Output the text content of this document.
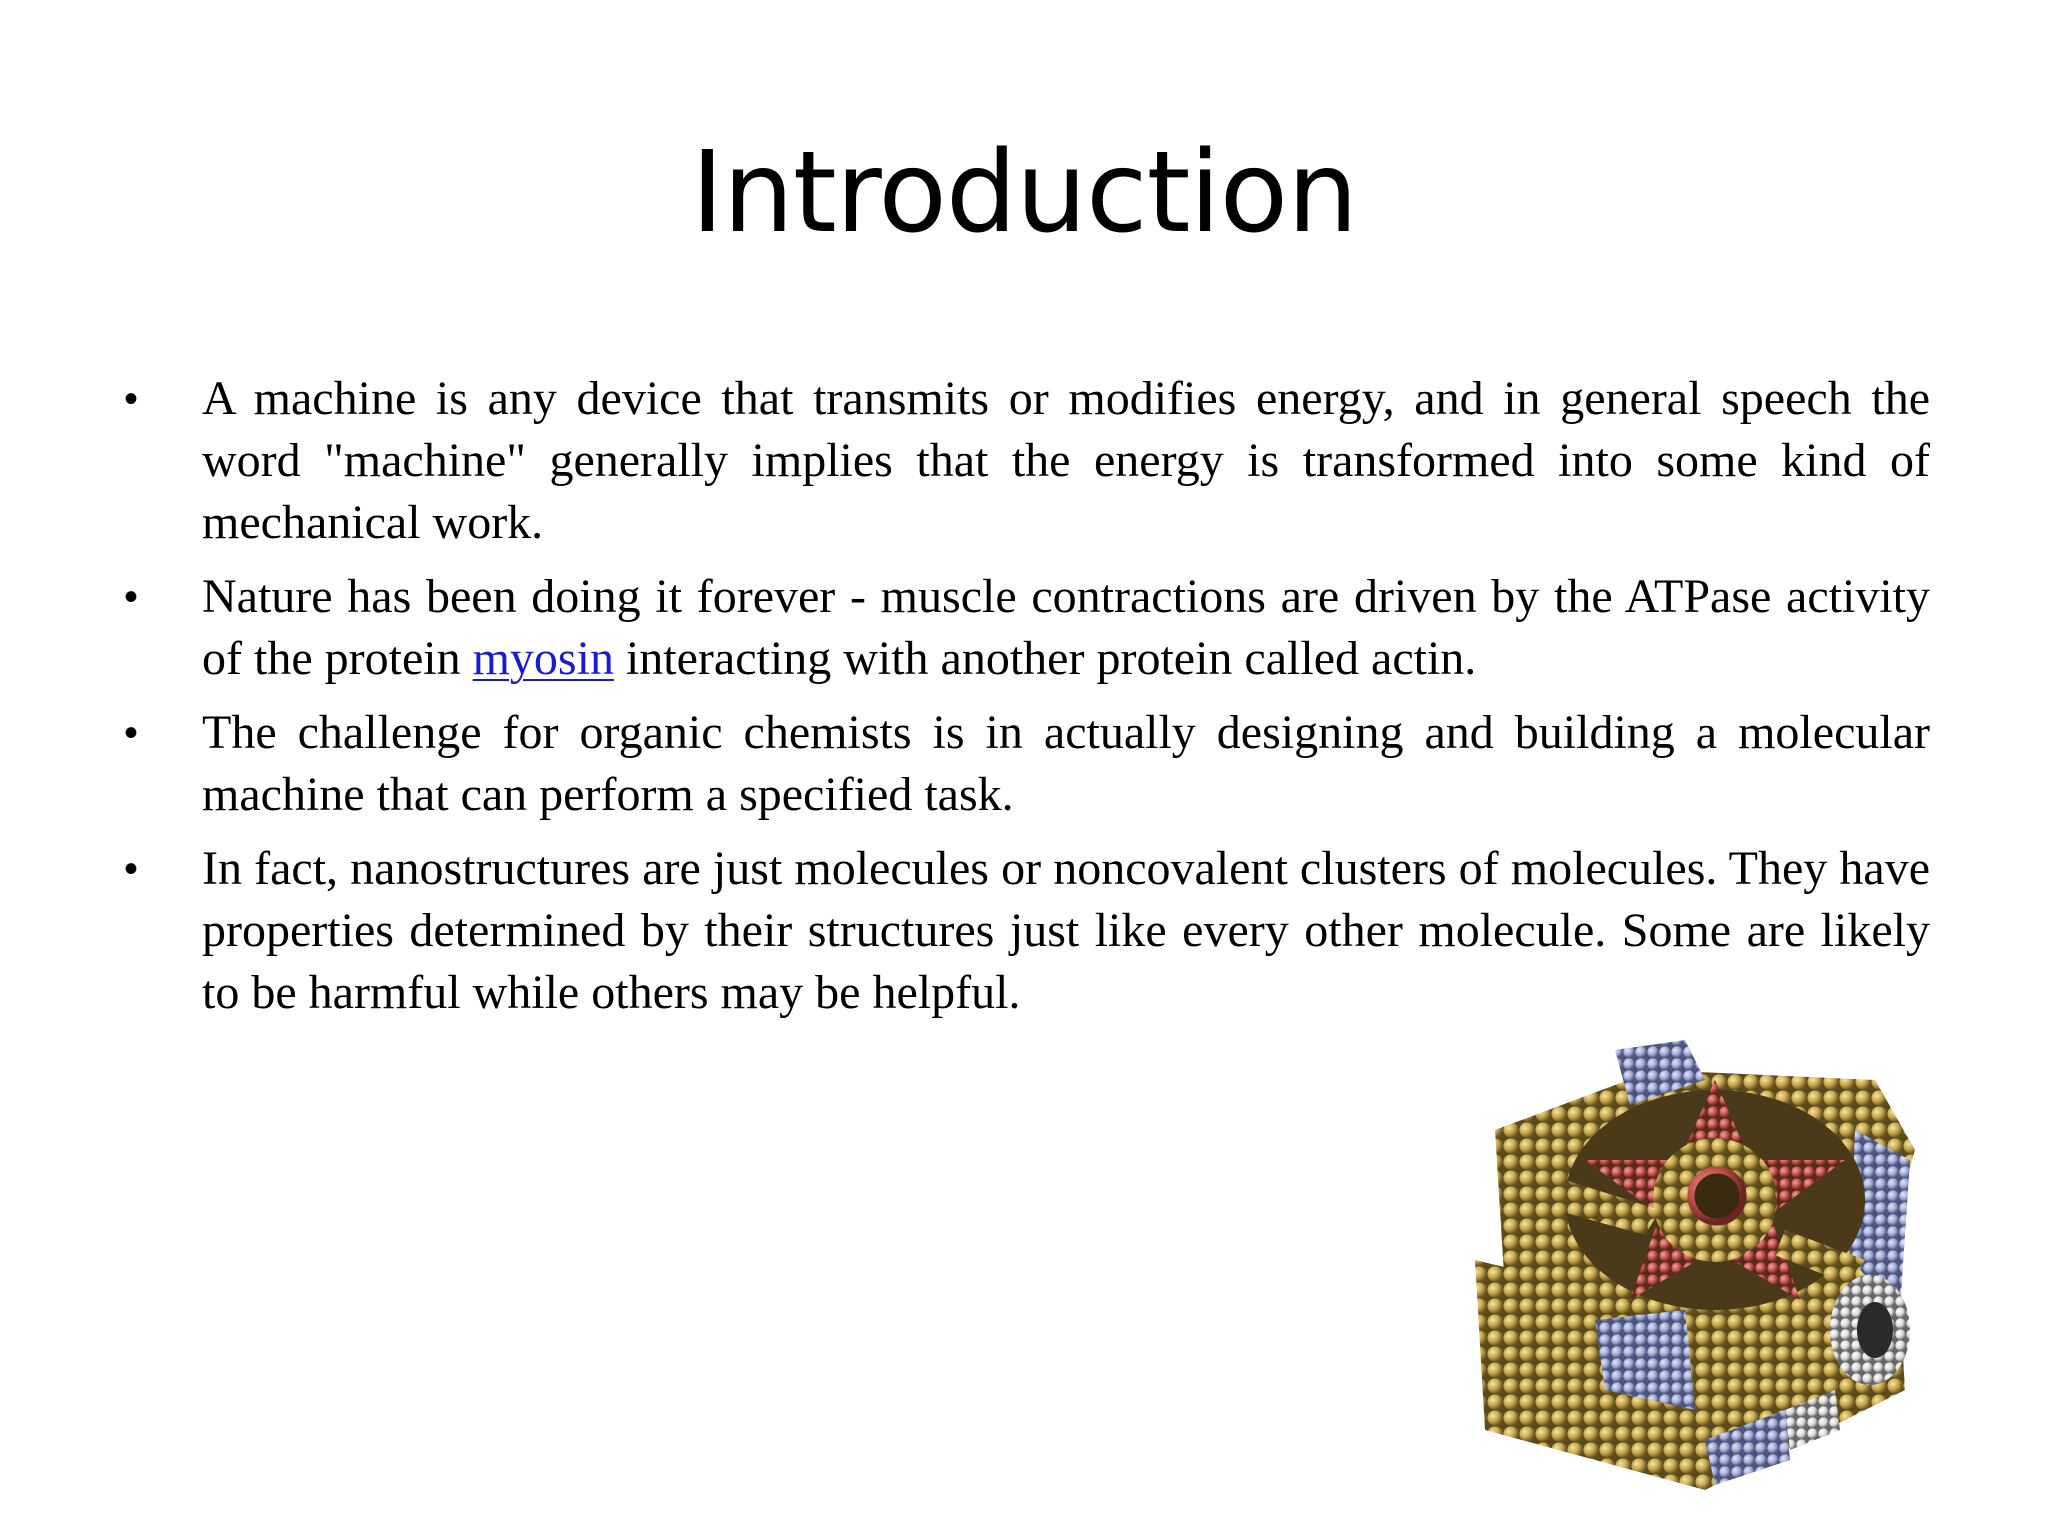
Introduction
•	A machine is any device that transmits or modifies energy, and in general speech the word "machine" generally implies that the energy is transformed into some kind of mechanical work.
•	Nature has been doing it forever - muscle contractions are driven by the ATPase activity of the protein myosin interacting with another protein called actin.
•	The challenge for organic chemists is in actually designing and building a molecular machine that can perform a specified task.
•	In fact, nanostructures are just molecules or noncovalent clusters of molecules. They have properties determined by their structures just like every other molecule. Some are likely to be harmful while others may be helpful.
